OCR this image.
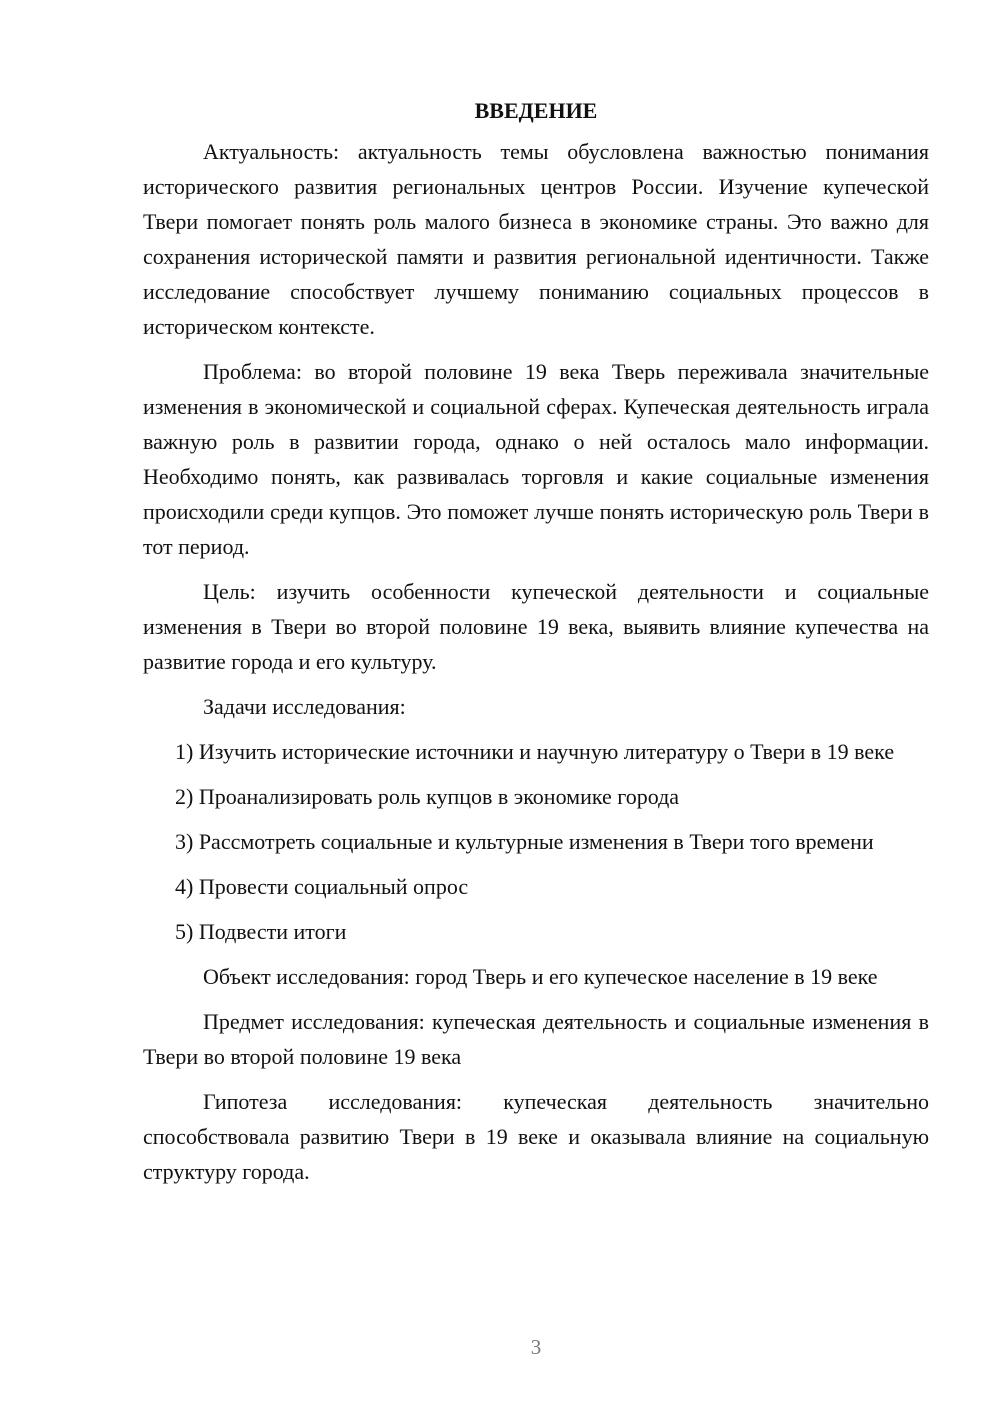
ВВЕДЕНИЕ

Актуальность: актуальность темы обусловлена важностью понимания исторического развития региональных центров России. Изучение купеческой Твери помогает понять роль малого бизнеса в экономике страны. Это важно для сохранения исторической памяти и развития региональной идентичности. Также исследование способствует лучшему пониманию социальных процессов в историческом контексте.

Проблема: во второй половине 19 века Тверь переживала значительные изменения в экономической и социальной сферах. Купеческая деятельность играла важную роль в развитии города, однако о ней осталось мало информации. Необходимо понять, как развивалась торговля и какие социальные изменения происходили среди купцов. Это поможет лучше понять историческую роль Твери в тот период.

Цель: изучить особенности купеческой деятельности и социальные изменения в Твери во второй половине 19 века, выявить влияние купечества на развитие города и его культуру.

Задачи исследования:

1) Изучить исторические источники и научную литературу о Твери в 19 веке

2) Проанализировать роль купцов в экономике города

3) Рассмотреть социальные и культурные изменения в Твери того времени

4) Провести социальный опрос

5) Подвести итоги

Объект исследования: город Тверь и его купеческое население в 19 веке

Предмет исследования: купеческая деятельность и социальные изменения в Твери во второй половине 19 века

Гипотеза исследования: купеческая деятельность значительно способствовала развитию Твери в 19 веке и оказывала влияние на социальную структуру города.

3
